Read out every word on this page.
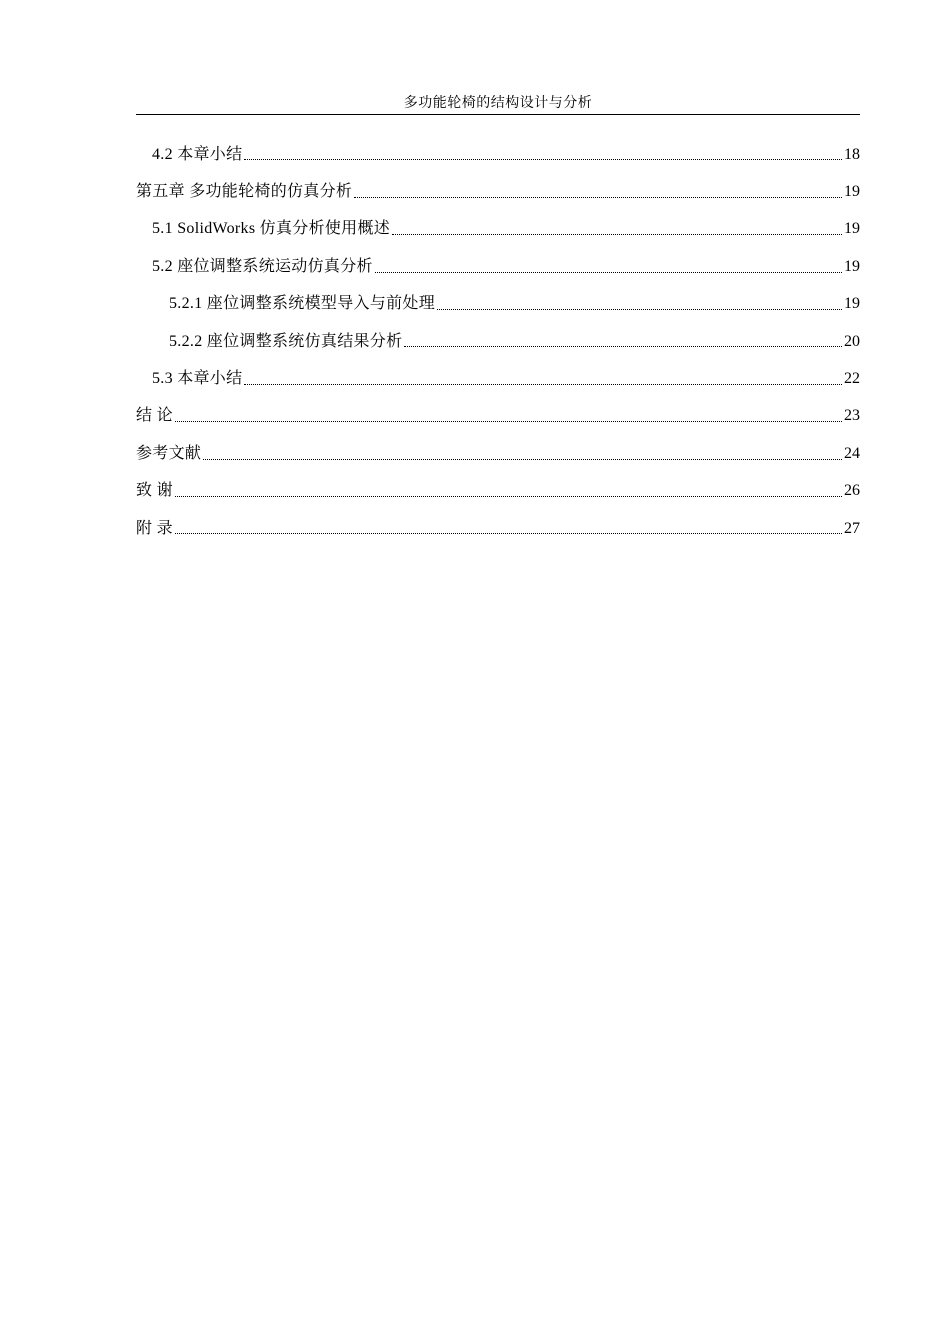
多功能轮椅的结构设计与分析
4.2 本章小结	18
第五章 多功能轮椅的仿真分析	19
5.1 SolidWorks 仿真分析使用概述	19
5.2 座位调整系统运动仿真分析	19
5.2.1 座位调整系统模型导入与前处理	19
5.2.2 座位调整系统仿真结果分析	20
5.3 本章小结	22
结 论	23
参考文献	24
致 谢	26
附 录	27
